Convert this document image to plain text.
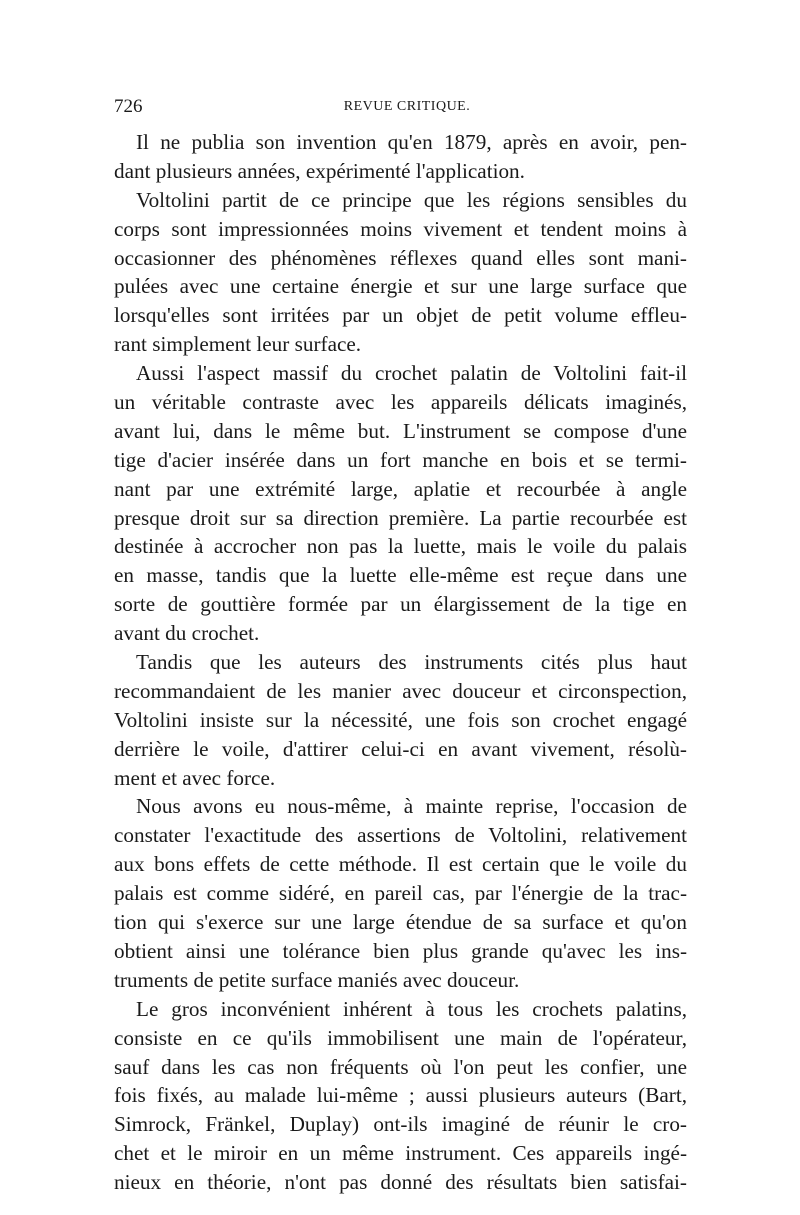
726	REVUE CRITIQUE.
Il ne publia son invention qu'en 1879, après en avoir, pen-
dant plusieurs années, expérimenté l'application.
Voltolini partit de ce principe que les régions sensibles du
corps sont impressionnées moins vivement et tendent moins à
occasionner des phénomènes réflexes quand elles sont mani-
pulées avec une certaine énergie et sur une large surface que
lorsqu'elles sont irritées par un objet de petit volume effleu-
rant simplement leur surface.
Aussi l'aspect massif du crochet palatin de Voltolini fait-il
un véritable contraste avec les appareils délicats imaginés,
avant lui, dans le même but. L'instrument se compose d'une
tige d'acier insérée dans un fort manche en bois et se termi-
nant par une extrémité large, aplatie et recourbée à angle
presque droit sur sa direction première. La partie recourbée est
destinée à accrocher non pas la luette, mais le voile du palais
en masse, tandis que la luette elle-même est reçue dans une
sorte de gouttière formée par un élargissement de la tige en
avant du crochet.
Tandis que les auteurs des instruments cités plus haut
recommandaient de les manier avec douceur et circonspection,
Voltolini insiste sur la nécessité, une fois son crochet engagé
derrière le voile, d'attirer celui-ci en avant vivement, résolù-
ment et avec force.
Nous avons eu nous-même, à mainte reprise, l'occasion de
constater l'exactitude des assertions de Voltolini, relativement
aux bons effets de cette méthode. Il est certain que le voile du
palais est comme sidéré, en pareil cas, par l'énergie de la trac-
tion qui s'exerce sur une large étendue de sa surface et qu'on
obtient ainsi une tolérance bien plus grande qu'avec les ins-
truments de petite surface maniés avec douceur.
Le gros inconvénient inhérent à tous les crochets palatins,
consiste en ce qu'ils immobilisent une main de l'opérateur,
sauf dans les cas non fréquents où l'on peut les confier, une
fois fixés, au malade lui-même ; aussi plusieurs auteurs (Bart,
Simrock, Fränkel, Duplay) ont-ils imaginé de réunir le cro-
chet et le miroir en un même instrument. Ces appareils ingé-
nieux en théorie, n'ont pas donné des résultats bien satisfai-
